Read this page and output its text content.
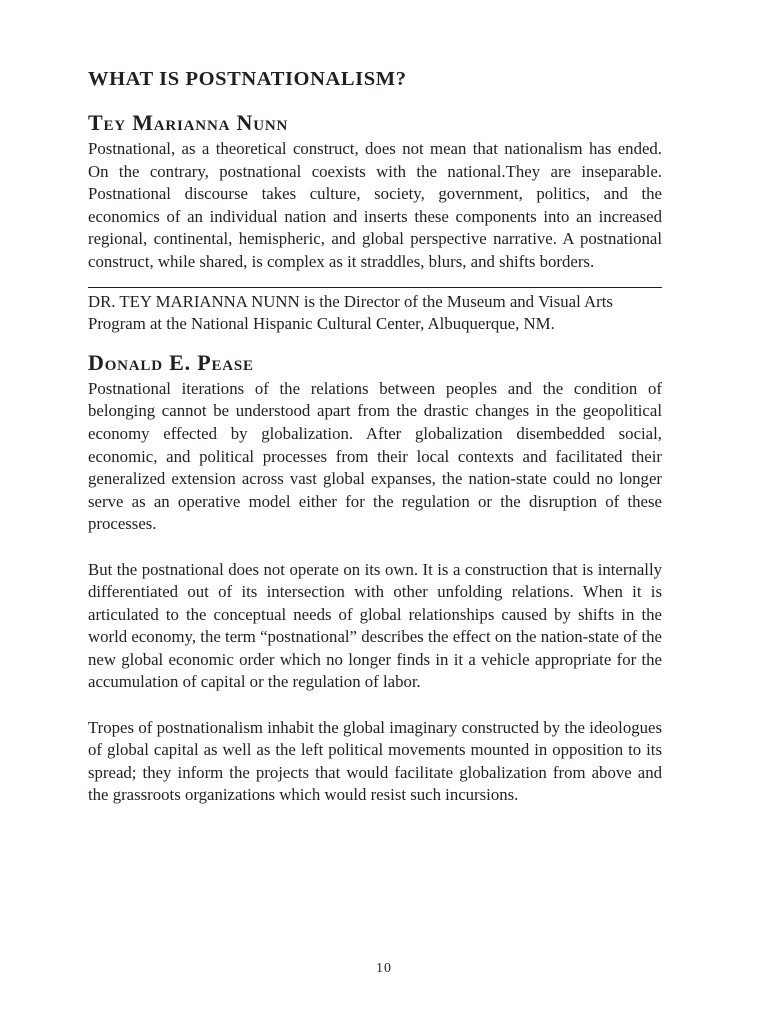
WHAT IS POSTNATIONALISM?
Tey Marianna Nunn

Postnational, as a theoretical construct, does not mean that nationalism has ended. On the contrary, postnational coexists with the national.They are inseparable. Postnational discourse takes culture, society, government, politics, and the economics of an individual nation and inserts these components into an increased regional, continental, hemispheric, and global perspective narrative. A postnational construct, while shared, is complex as it straddles, blurs, and shifts borders.

DR. TEY MARIANNA NUNN is the Director of the Museum and Visual Arts Program at the National Hispanic Cultural Center, Albuquerque, NM.

Donald E. Pease

Postnational iterations of the relations between peoples and the condition of belonging cannot be understood apart from the drastic changes in the geopolitical economy effected by globalization. After globalization disembedded social, economic, and political processes from their local contexts and facilitated their generalized extension across vast global expanses, the nation-state could no longer serve as an operative model either for the regulation or the disruption of these processes.

But the postnational does not operate on its own. It is a construction that is internally differentiated out of its intersection with other unfolding relations. When it is articulated to the conceptual needs of global relationships caused by shifts in the world economy, the term “postnational” describes the effect on the nation-state of the new global economic order which no longer finds in it a vehicle appropriate for the accumulation of capital or the regulation of labor.

Tropes of postnationalism inhabit the global imaginary constructed by the ideologues of global capital as well as the left political movements mounted in opposition to its spread; they inform the projects that would facilitate globalization from above and the grassroots organizations which would resist such incursions.

10
